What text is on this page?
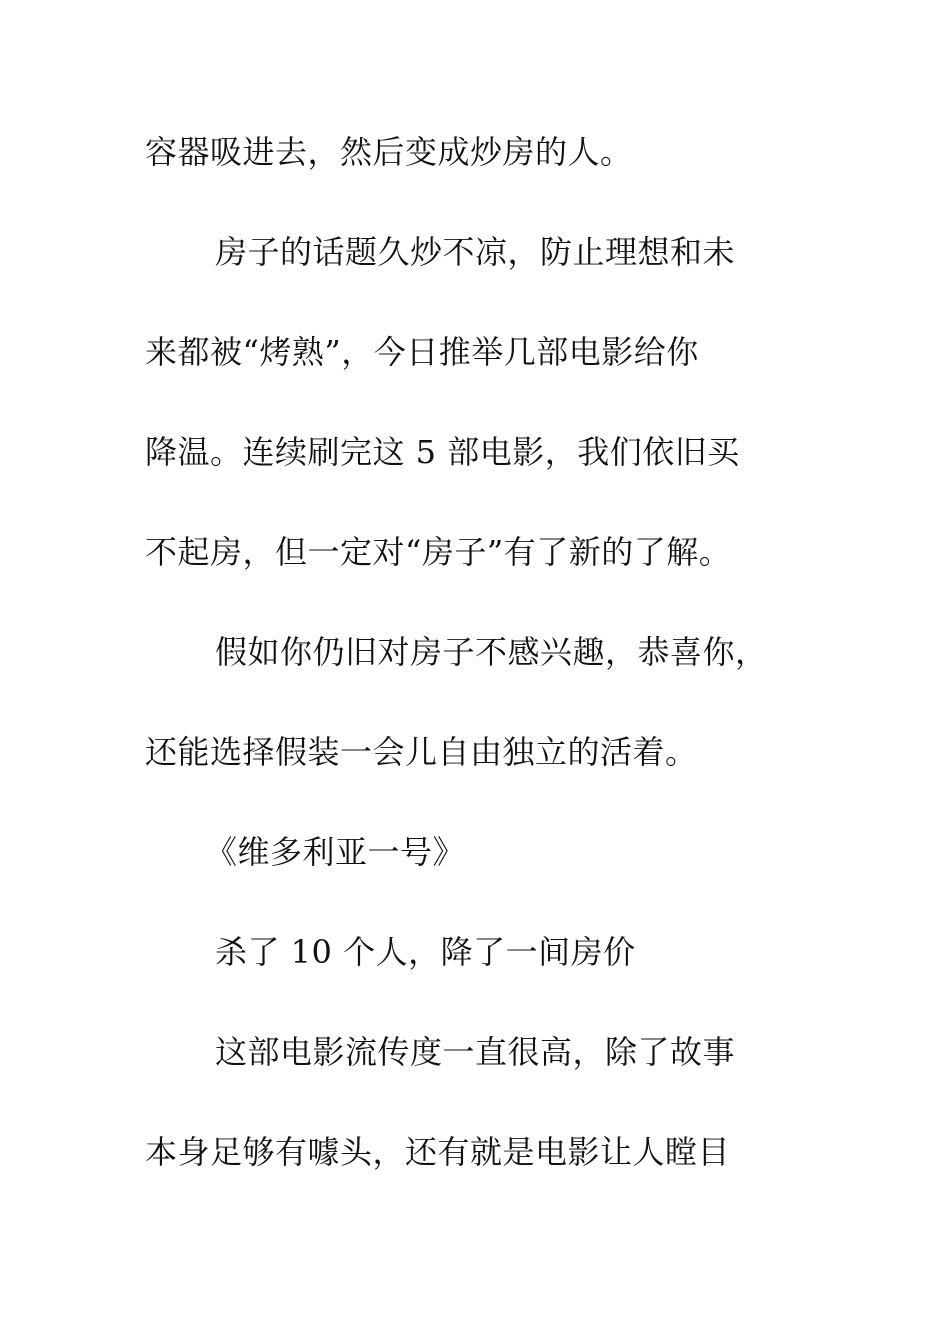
容器吸进去，然后变成炒房的人。
房子的话题久炒不凉，防止理想和未
来都被“烤熟”，今日推举几部电影给你
降温。连续刷完这 5 部电影，我们依旧买
不起房，但一定对“房子”有了新的了解。
假如你仍旧对房子不感兴趣，恭喜你，
还能选择假装一会儿自由独立的活着。
《维多利亚一号》
杀了 10 个人，降了一间房价
这部电影流传度一直很高，除了故事
本身足够有噱头，还有就是电影让人瞠目
